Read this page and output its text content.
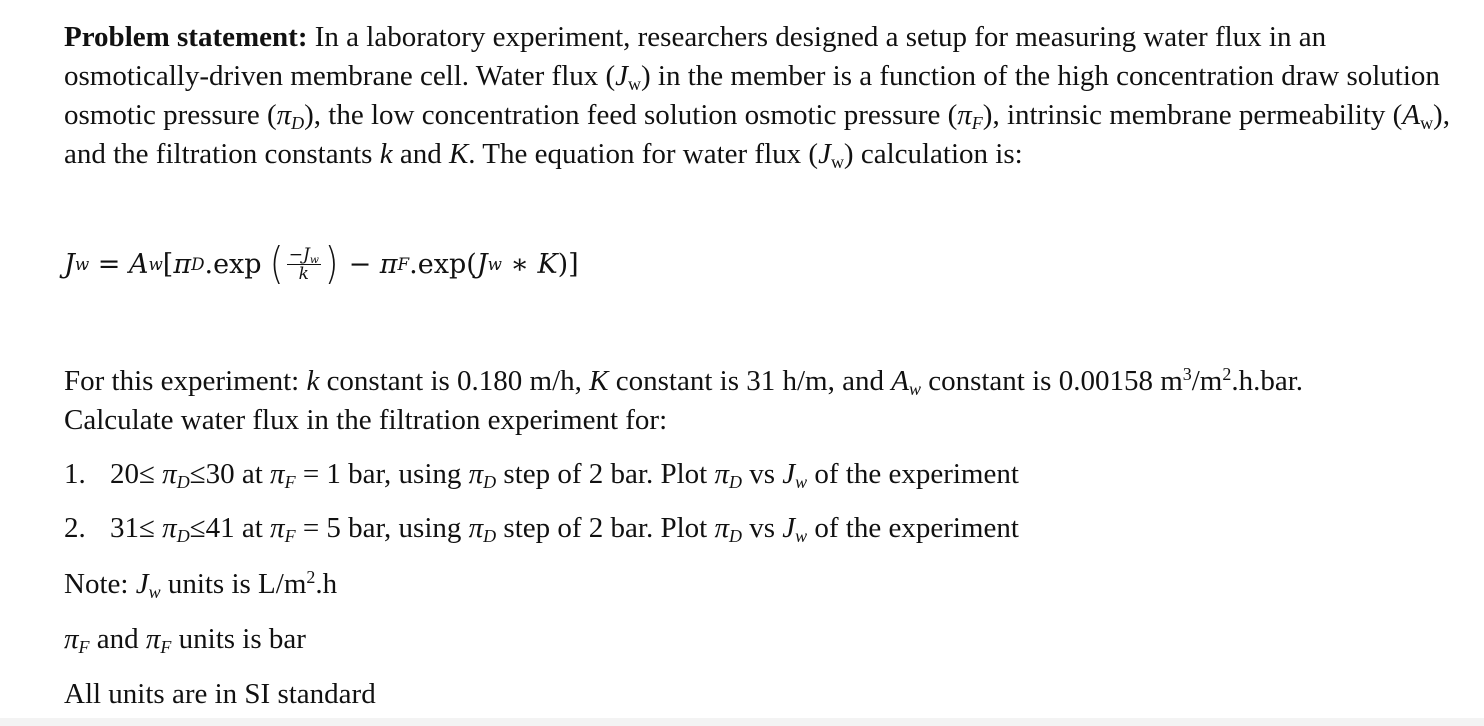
Problem statement: In a laboratory experiment, researchers designed a setup for measuring water flux in an osmotically-driven membrane cell. Water flux $(J_w)$ in the member is a function of the high concentration draw solution osmotic pressure $(\pi_D)$, the low concentration feed solution osmotic pressure $(\pi_F)$, intrinsic membrane permeability $(A_w)$, and the filtration constants k and K. The equation for water flux $(J_w)$ calculation is:

J w = A w [ π D .exp ( $\frac{-J_w}{k}$ ) − π F .exp( J w ∗ K )]

For this experiment: k constant is 0.180 m/h, K constant is 31 h/m, and $A_w$ constant is 0.00158 $m^3/m^2.h.bar$.

Calculate water flux in the filtration experiment for:

1. $20\le \pi_D\le 30$ at $\pi_F = 1$ bar, using $\pi_D$ step of 2 bar. Plot $\pi_D$ vs $J_w$ of the experiment
2. $31\le \pi_D\le 41$ at $\pi_F = 5$ bar, using $\pi_D$ step of 2 bar. Plot $\pi_D$ vs $J_w$ of the experiment
Note: $J_w$ units is $L/m^2.h$
$\pi_F$ and $\pi_F$ units is bar
All units are in SI standard
